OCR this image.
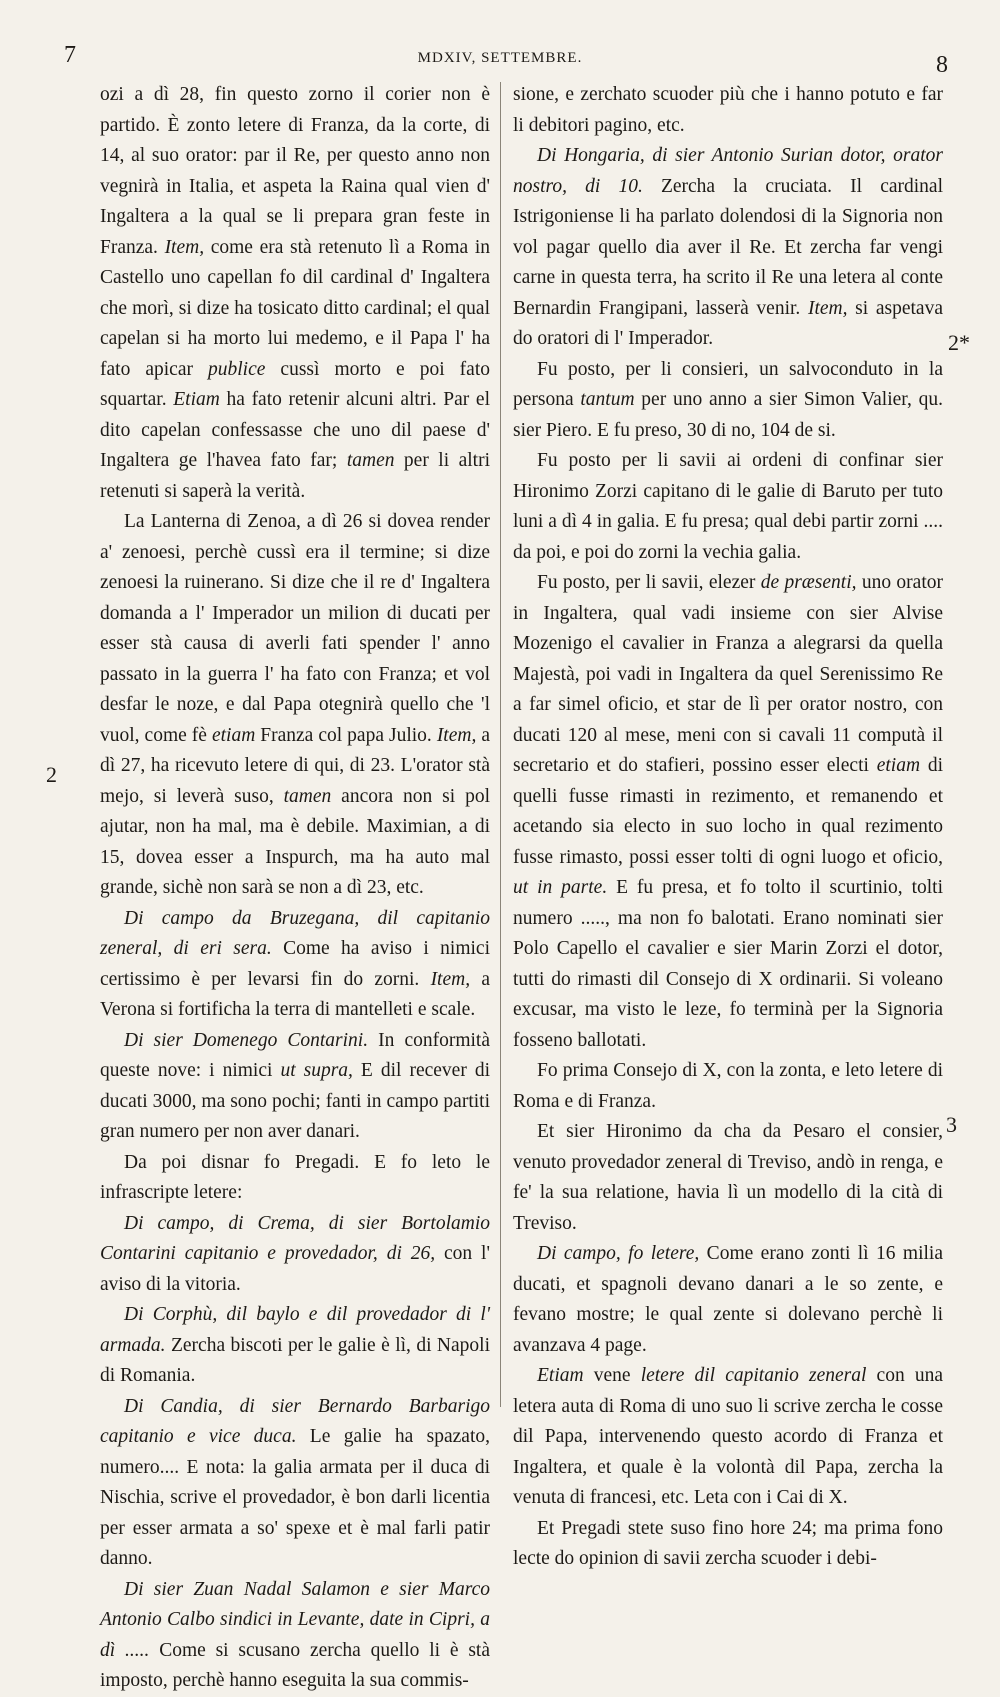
7	MDXIV, SETTEMBRE.	8
2
2*
3

ozi a dì 28, fin questo zorno il corier non è partido. È zonto letere di Franza, da la corte, di 14, al suo orator: par il Re, per questo anno non vegnirà in Italia, et aspeta la Raina qual vien d' Ingaltera a la qual se li prepara gran feste in Franza. Item, come era stà retenuto lì a Roma in Castello uno capellan fo dil cardinal d' Ingaltera che morì, si dize ha tosicato ditto cardinal; el qual capelan si ha morto lui medemo, e il Papa l' ha fato apicar publice cussì morto e poi fato squartar. Etiam ha fato retenir alcuni altri. Par el dito capelan confessasse che uno dil paese d' Ingaltera ge l'havea fato far; tamen per li altri retenuti si saperà la verità.

La Lanterna di Zenoa, a dì 26 si dovea render a' zenoesi, perchè cussì era il termine; si dize zenoesi la ruinerano. Si dize che il re d' Ingaltera domanda a l' Imperador un milion di ducati per esser stà causa di averli fati spender l' anno passato in la guerra l' ha fato con Franza; et vol desfar le noze, e dal Papa otegnirà quello che 'l vuol, come fè etiam Franza col papa Julio. Item, a dì 27, ha ricevuto letere di qui, di 23. L'orator stà mejo, si leverà suso, tamen ancora non si pol ajutar, non ha mal, ma è debile. Maximian, a di 15, dovea esser a Inspurch, ma ha auto mal grande, sichè non sarà se non a dì 23, etc.

Di campo da Bruzegana, dil capitanio zeneral, di eri sera. Come ha aviso i nimici certissimo è per levarsi fin do zorni. Item, a Verona si fortificha la terra di mantelleti e scale.

Di sier Domenego Contarini. In conformità queste nove: i nimici ut supra, E dil recever di ducati 3000, ma sono pochi; fanti in campo partiti gran numero per non aver danari.

Da poi disnar fo Pregadi. E fo leto le infrascripte letere:

Di campo, di Crema, di sier Bortolamio Contarini capitanio e provedador, di 26, con l' aviso di la vitoria.

Di Corphù, dil baylo e dil provedador di l' armada. Zercha biscoti per le galie è lì, di Napoli di Romania.

Di Candia, di sier Bernardo Barbarigo capitanio e vice duca. Le galie ha spazato, numero.... E nota: la galia armata per il duca di Nischia, scrive el provedador, è bon darli licentia per esser armata a so' spexe et è mal farli patir danno.

Di sier Zuan Nadal Salamon e sier Marco Antonio Calbo sindici in Levante, date in Cipri, a dì ..... Come si scusano zercha quello li è stà imposto, perchè hanno eseguita la sua commis-

sione, e zerchato scuoder più che i hanno potuto e far li debitori pagino, etc.

Di Hongaria, di sier Antonio Surian dotor, orator nostro, di 10. Zercha la cruciata. Il cardinal Istrigoniense li ha parlato dolendosi di la Signoria non vol pagar quello dia aver il Re. Et zercha far vengi carne in questa terra, ha scrito il Re una letera al conte Bernardin Frangipani, lasserà venir. Item, si aspetava do oratori di l' Imperador.

Fu posto, per li consieri, un salvoconduto in la persona tantum per uno anno a sier Simon Valier, qu. sier Piero. E fu preso, 30 di no, 104 de si.

Fu posto per li savii ai ordeni di confinar sier Hironimo Zorzi capitano di le galie di Baruto per tuto luni a dì 4 in galia. E fu presa; qual debi partir zorni .... da poi, e poi do zorni la vechia galia.

Fu posto, per li savii, elezer de præsenti, uno orator in Ingaltera, qual vadi insieme con sier Alvise Mozenigo el cavalier in Franza a alegrarsi da quella Majestà, poi vadi in Ingaltera da quel Serenissimo Re a far simel oficio, et star de lì per orator nostro, con ducati 120 al mese, meni con si cavali 11 computà il secretario et do stafieri, possino esser electi etiam di quelli fusse rimasti in rezimento, et remanendo et acetando sia electo in suo locho in qual rezimento fusse rimasto, possi esser tolti di ogni luogo et oficio, ut in parte. E fu presa, et fo tolto il scurtinio, tolti numero ....., ma non fo balotati. Erano nominati sier Polo Capello el cavalier e sier Marin Zorzi el dotor, tutti do rimasti dil Consejo di X ordinarii. Si voleano excusar, ma visto le leze, fo terminà per la Signoria fosseno ballotati.

Fo prima Consejo di X, con la zonta, e leto letere di Roma e di Franza.

Et sier Hironimo da cha da Pesaro el consier, venuto provedador zeneral di Treviso, andò in renga, e fe' la sua relatione, havia lì un modello di la cità di Treviso.

Di campo, fo letere, Come erano zonti lì 16 milia ducati, et spagnoli devano danari a le so zente, e fevano mostre; le qual zente si dolevano perchè li avanzava 4 page.

Etiam vene letere dil capitanio zeneral con una letera auta di Roma di uno suo li scrive zercha le cosse dil Papa, intervenendo questo acordo di Franza et Ingaltera, et quale è la volontà dil Papa, zercha la venuta di francesi, etc. Leta con i Cai di X.

Et Pregadi stete suso fino hore 24; ma prima fono lecte do opinion di savii zercha scuoder i debi-
